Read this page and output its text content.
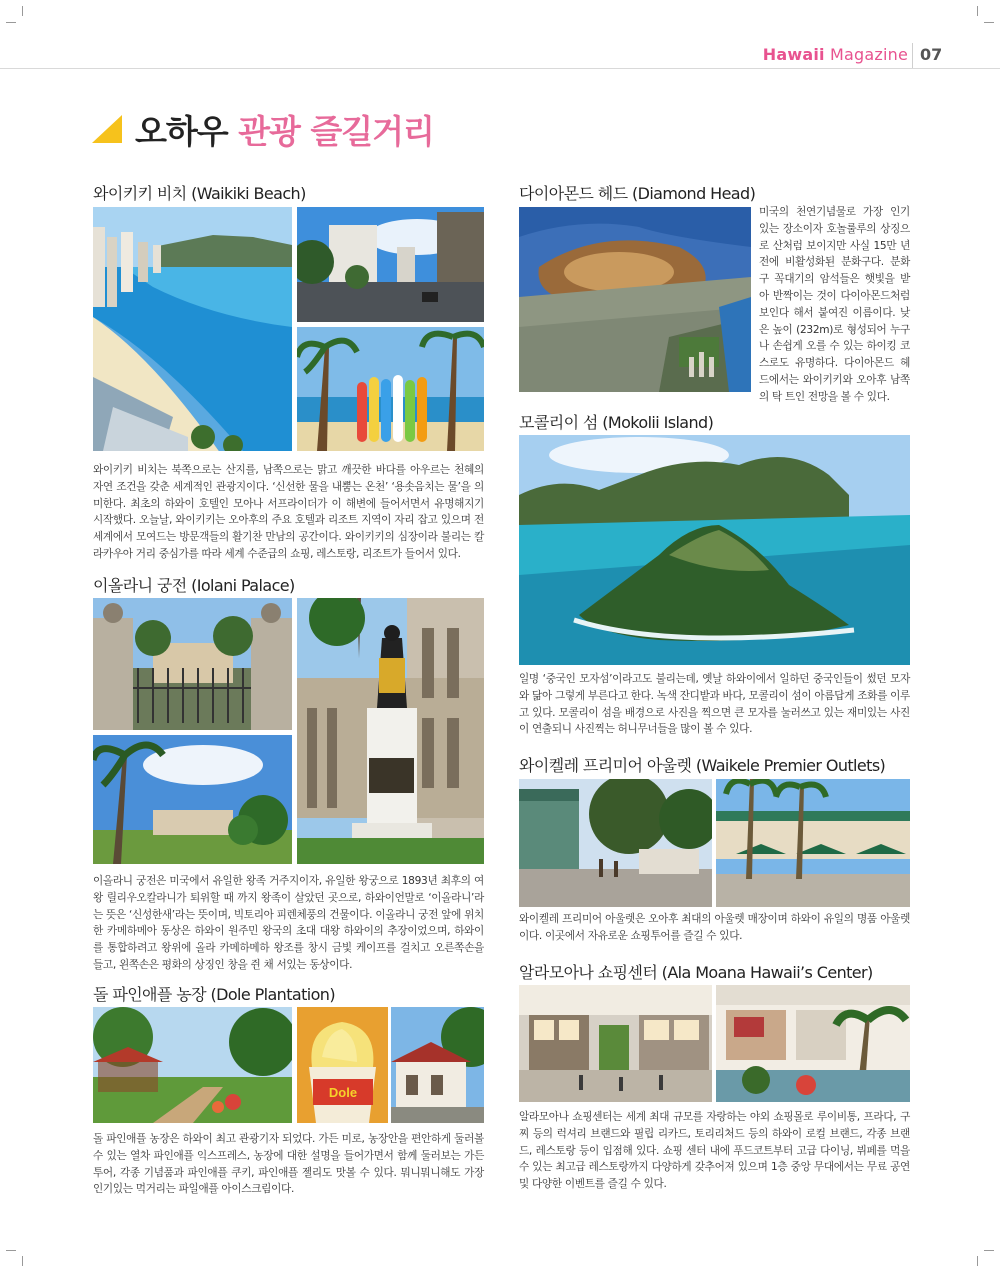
Hawaii Magazine 07
오하우 관광 즐길거리
와이키키 비치 (Waikiki Beach)
와이키키 비치는 북쪽으로는 산지를, 남쪽으로는 맑고 깨끗한 바다를 아우르는 천혜의 자연 조건을 갖춘 세계적인 관광지이다. ‘신선한 물을 내뿜는 온천’ ‘용솟음치는 물’을 의미한다. 최초의 하와이 호텔인 모아나 서프라이더가 이 해변에 들어서면서 유명해지기 시작했다. 오늘날, 와이키키는 오아후의 주요 호텔과 리조트 지역이 자리 잡고 있으며 전 세계에서 모여드는 방문객들의 활기찬 만남의 공간이다. 와이키키의 심장이라 불리는 칼라카우아 거리 중심가를 따라 세계 수준급의 쇼핑, 레스토랑, 리조트가 들어서 있다.
이올라니 궁전 (Iolani Palace)
이올라니 궁전은 미국에서 유일한 왕족 거주지이자, 유일한 왕궁으로 1893년 최후의 여왕 릴리우오칼라니가 퇴위할 때 까지 왕족이 살았던 곳으로, 하와이언말로 ‘이올라니’라는 뜻은 ‘신성한새’라는 뜻이며, 빅토리아 피렌체풍의 건물이다. 이올라니 궁전 앞에 위치한 카메하메아 동상은 하와이 원주민 왕국의 초대 대왕 하와이의 추장이었으며, 하와이를 통합하려고 왕위에 올라 카메하메하 왕조를 창시 금빛 케이프를 걸치고 오른쪽손을 들고, 왼쪽손은 평화의 상징인 창을 쥔 채 서있는 동상이다.
돌 파인애플 농장 (Dole Plantation)
Dole
돌 파인애플 농장은 하와이 최고 관광기자 되었다. 가든 미로, 농장안을 편안하게 둘러볼 수 있는 열차 파인애플 익스프레스, 농장에 대한 설명을 들어가면서 함께 둘러보는 가든 투어, 각종 기념품과 파인애플 쿠키, 파인애플 젤리도 맛볼 수 있다. 뭐니뭐니해도 가장 인기있는 먹거리는 파일애플 아이스크림이다.
다이아몬드 헤드 (Diamond Head)
미국의 천연기념물로 가장 인기 있는 장소이자 호놀룰루의 상징으로 산처럼 보이지만 사실 15만 년 전에 비활성화된 분화구다. 분화구 꼭대기의 암석들은 햇빛을 받아 반짝이는 것이 다이아몬드처럼 보인다 해서 붙여진 이름이다. 낮은 높이 (232m)로 형성되어 누구나 손쉽게 오를 수 있는 하이킹 코스로도 유명하다. 다이아몬드 헤드에서는 와이키키와 오아후 남쪽의 탁 트인 전망을 볼 수 있다.
모콜리이 섬 (Mokolii Island)
일명 ‘중국인 모자섬’이라고도 불리는데, 옛날 하와이에서 일하던 중국인들이 썼던 모자와 닮아 그렇게 부른다고 한다. 녹색 잔디밭과 바다, 모콜리이 섬이 아름답게 조화를 이루고 있다. 모콜리이 섬을 배경으로 사진을 찍으면 큰 모자를 눌러쓰고 있는 재미있는 사진이 연출되니 사진찍는 허니무너들을 많이 볼 수 있다.
와이켈레 프리미어 아울렛 (Waikele Premier Outlets)
와이켈레 프리미어 아울렛은 오아후 최대의 아울렛 매장이며 하와이 유일의 명품 아울렛이다. 이곳에서 자유로운 쇼핑투어를 즐길 수 있다.
알라모아나 쇼핑센터 (Ala Moana Hawaii’s Center)
알라모아나 쇼핑센터는 세계 최대 규모를 자랑하는 야외 쇼핑몰로 루이비통, 프라다, 구찌 등의 럭셔리 브랜드와 필립 리카드, 토리리처드 등의 하와이 로컬 브랜드, 각종 브랜드, 레스토랑 등이 입점해 있다. 쇼핑 센터 내에 푸드코트부터 고급 다이닝, 뷔페를 먹을 수 있는 최고급 레스토랑까지 다양하게 갖추어져 있으며 1층 중앙 무대에서는 무료 공연 및 다양한 이벤트를 즐길 수 있다.
